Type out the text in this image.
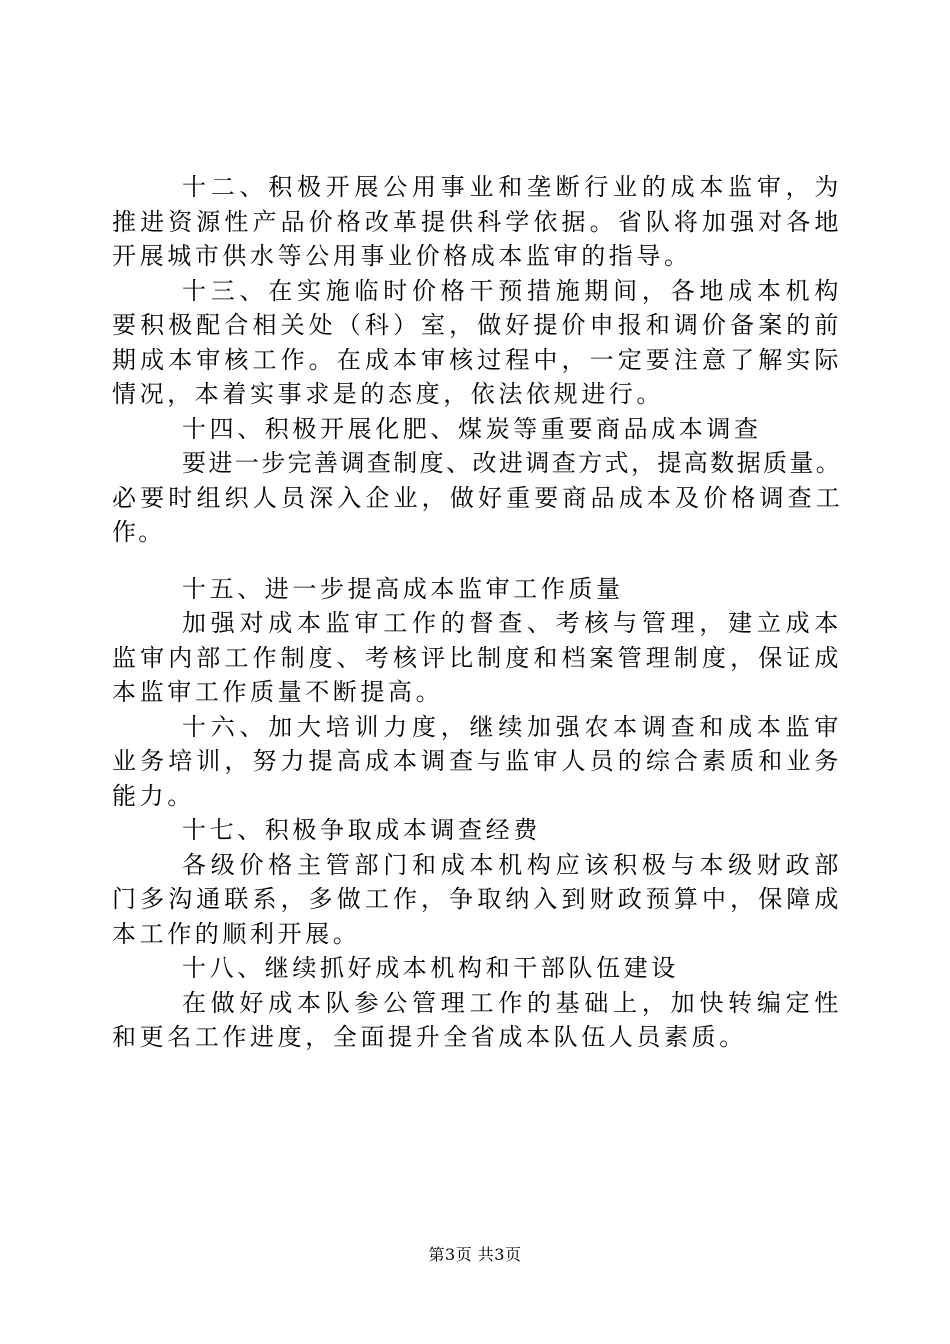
十二、积极开展公用事业和垄断行业的成本监审，为推进资源性产品价格改革提供科学依据。省队将加强对各地开展城市供水等公用事业价格成本监审的指导。

十三、在实施临时价格干预措施期间，各地成本机构要积极配合相关处（科）室，做好提价申报和调价备案的前期成本审核工作。在成本审核过程中，一定要注意了解实际情况，本着实事求是的态度，依法依规进行。

十四、积极开展化肥、煤炭等重要商品成本调查

要进一步完善调查制度、改进调查方式，提高数据质量。必要时组织人员深入企业，做好重要商品成本及价格调查工作。

十五、进一步提高成本监审工作质量

加强对成本监审工作的督查、考核与管理，建立成本监审内部工作制度、考核评比制度和档案管理制度，保证成本监审工作质量不断提高。

十六、加大培训力度，继续加强农本调查和成本监审业务培训，努力提高成本调查与监审人员的综合素质和业务能力。

十七、积极争取成本调查经费

各级价格主管部门和成本机构应该积极与本级财政部门多沟通联系，多做工作，争取纳入到财政预算中，保障成本工作的顺利开展。

十八、继续抓好成本机构和干部队伍建设

在做好成本队参公管理工作的基础上，加快转编定性和更名工作进度，全面提升全省成本队伍人员素质。

第3页 共3页
